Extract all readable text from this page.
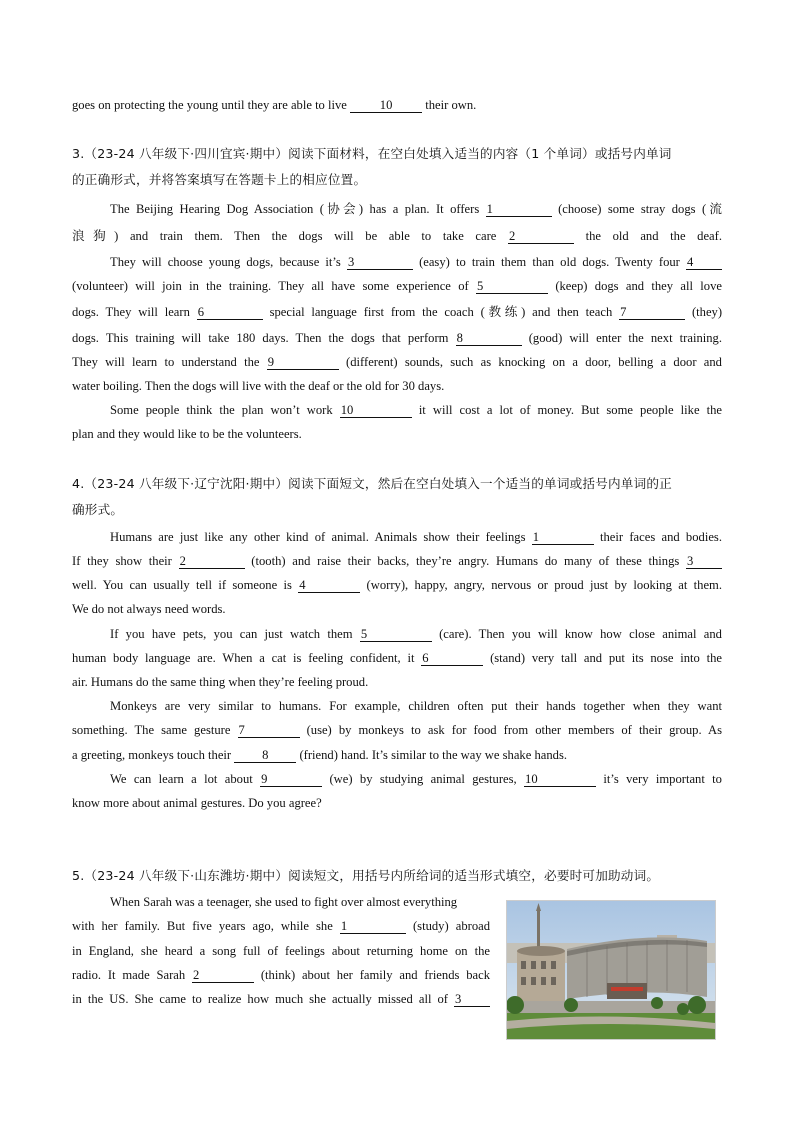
goes on protecting the young until they are able to live	10	their own.
3.（23-24 八年级下·四川宜宾·期中）阅读下面材料，在空白处填入适当的内容（1 个单词）或括号内单词
的正确形式，并将答案填写在答题卡上的相应位置。
The Beijing Hearing Dog Association (协会) has a plan. It offers 1	(choose) some stray dogs (流
浪狗) and train them. Then the dogs will be able to take care 2	the old and the deaf.
They will choose young dogs, because it’s 3	(easy) to train them than old dogs. Twenty four 4
(volunteer) will join in the training. They all have some experience of 5	(keep) dogs and they all love
dogs. They will learn 6	special language first from the coach (教练) and then teach 7	(they)
dogs. This training will take 180 days. Then the dogs that perform 8	(good) will enter the next training.
They will learn to understand the 9	(different) sounds, such as knocking on a door, belling a door and
water boiling. Then the dogs will live with the deaf or the old for 30 days.
Some people think the plan won’t work 10	it will cost a lot of money. But some people like the
plan and they would like to be the volunteers.
4.（23-24 八年级下·辽宁沈阳·期中）阅读下面短文，然后在空白处填入一个适当的单词或括号内单词的正
确形式。
Humans are just like any other kind of animal. Animals show their feelings 1	their faces and bodies.
If they show their 2	(tooth) and raise their backs, they’re angry. Humans do many of these things 3
well. You can usually tell if someone is 4	(worry), happy, angry, nervous or proud just by looking at them.
We do not always need words.
If you have pets, you can just watch them 5	(care). Then you will know how close animal and
human body language are. When a cat is feeling confident, it 6	(stand) very tall and put its nose into the
air. Humans do the same thing when they’re feeling proud.
Monkeys are very similar to humans. For example, children often put their hands together when they want
something. The same gesture 7	(use) by monkeys to ask for food from other members of their group. As
a greeting, monkeys touch their 8 (friend) hand. It’s similar to the way we shake hands.
We can learn a lot about 9	(we) by studying animal gestures, 10	it’s very important to
know more about animal gestures. Do you agree?
5.（23-24 八年级下·山东潍坊·期中）阅读短文，用括号内所给词的适当形式填空，必要时可加助动词。
When Sarah was a teenager, she used to fight over almost everything
with her family. But five years ago, while she 1	(study) abroad
in England, she heard a song full of feelings about returning home on the
radio. It made Sarah 2	(think) about her family and friends back
in the US. She came to realize how much she actually missed all of 3
